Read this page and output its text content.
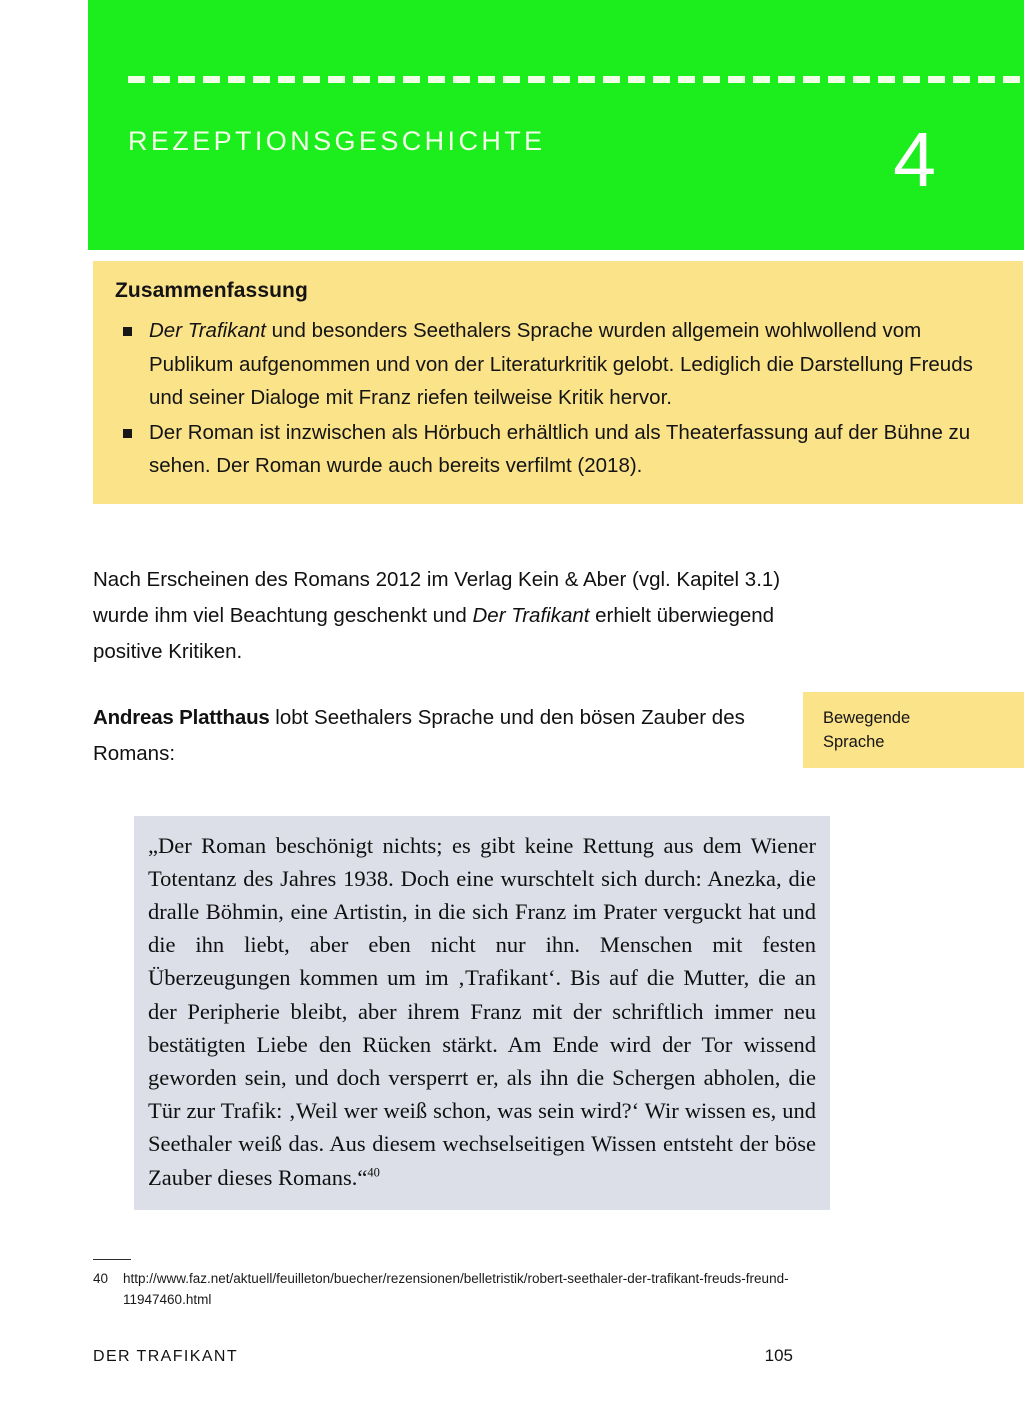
REZEPTIONSGESCHICHTE	4
Zusammenfassung
Der Trafikant und besonders Seethalers Sprache wurden allgemein wohlwollend vom Publikum aufgenommen und von der Literaturkritik gelobt. Lediglich die Darstellung Freuds und seiner Dialoge mit Franz riefen teilweise Kritik hervor.
Der Roman ist inzwischen als Hörbuch erhältlich und als Theaterfassung auf der Bühne zu sehen. Der Roman wurde auch bereits verfilmt (2018).
Nach Erscheinen des Romans 2012 im Verlag Kein & Aber (vgl. Kapitel 3.1) wurde ihm viel Beachtung geschenkt und Der Trafikant erhielt überwiegend positive Kritiken.
Andreas Platthaus lobt Seethalers Sprache und den bösen Zauber des Romans:
Bewegende
Sprache
„Der Roman beschönigt nichts; es gibt keine Rettung aus dem Wiener Totentanz des Jahres 1938. Doch eine wurschtelt sich durch: Anezka, die dralle Böhmin, eine Artistin, in die sich Franz im Prater verguckt hat und die ihn liebt, aber eben nicht nur ihn. Menschen mit festen Überzeugungen kommen um im ‚Trafikant‘. Bis auf die Mutter, die an der Peripherie bleibt, aber ihrem Franz mit der schriftlich immer neu bestätigten Liebe den Rücken stärkt. Am Ende wird der Tor wissend geworden sein, und doch versperrt er, als ihn die Schergen abholen, die Tür zur Trafik: ‚Weil wer weiß schon, was sein wird?‘ Wir wissen es, und Seethaler weiß das. Aus diesem wechselseitigen Wissen entsteht der böse Zauber dieses Romans.“$^{40}$
40 http://www.faz.net/aktuell/feuilleton/buecher/rezensionen/belletristik/robert-seethaler-der-trafikant-freuds-freund-11947460.html
DER TRAFIKANT	105
